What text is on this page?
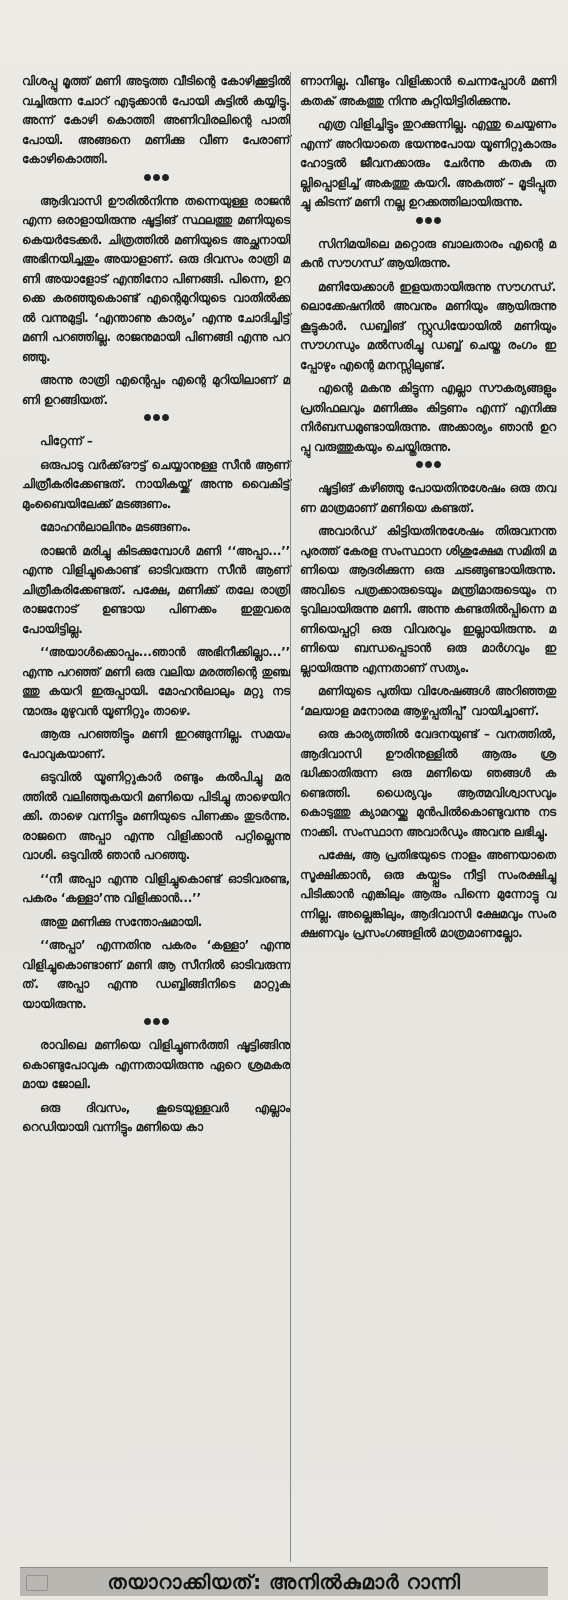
വിശപ്പു മൂത്ത് മണി അടുത്ത വീടിന്റെ കോഴിക്കൂട്ടിൽ വച്ചിരുന്ന ചോറ് എടുക്കാൻ പോയി കുട്ടിൽ കയ്യിട്ടു. അന്ന് കോഴി കൊത്തി അണിവിരലിന്റെ പാതി പോയി. അങ്ങനെ മണിക്കു വീണ പേരാണ് കോഴികൊത്തി.

ആദിവാസി ഊരിൽനിന്നു തന്നെയുള്ള രാജൻ എന്ന ഒരാളായിരുന്നു ഷൂട്ടിങ് സ്ഥലത്തു മണിയുടെ കെയർടേക്കർ. ചിത്രത്തിൽ മണിയുടെ അച്ഛനായി അഭിനയിച്ചതും അയാളാണ്. ഒരു ദിവസം രാത്രി മണി അയാളോട് എന്തിനോ പിണങ്ങി. പിന്നെ, ഉറക്കെ കരഞ്ഞുകൊണ്ട് എന്റെമുറിയുടെ വാതിൽക്കൽ വന്നുമുട്ടി. ‘എന്താണു കാര്യം’ എന്നു ചോദിച്ചിട്ട് മണി പറഞ്ഞില്ല. രാജനുമായി പിണങ്ങി എന്നു പറഞ്ഞു.

അന്നു രാത്രി എന്റെപ്പം എന്റെ മുറിയിലാണ് മണി ഉറങ്ങിയത്.

പിറ്റേന്ന് –

ഒരുപാടു വർക്ക്ഔട്ട് ചെയ്യാനുള്ള സീൻ ആണ് ചിത്രീകരിക്കേണ്ടത്. നായികയ്ക്ക് അന്നു വൈകിട്ട് മുംബൈയിലേക്ക് മടങ്ങണം.

മോഹൻലാലിനും മടങ്ങണം.

രാജൻ മരിച്ചു കിടക്കുമ്പോൾ മണി ‘‘അപ്പാ...’’ എന്നു വിളിച്ചുകൊണ്ട് ഓടിവരുന്ന സീൻ ആണ് ചിത്രീകരിക്കേണ്ടത്. പക്ഷേ, മണിക്ക് തലേ രാത്രി രാജനോട് ഉണ്ടായ പിണക്കം ഇതുവരെ പോയിട്ടില്ല.

‘‘അയാൾക്കൊപ്പം...ഞാൻ അഭിനീക്കില്ലാ...’’ എന്നു പറഞ്ഞ് മണി ഒരു വലിയ മരത്തിന്റെ തുഞ്ചത്തു കയറി ഇരുപ്പായി. മോഹൻലാലും മറ്റു നടന്മാരും മുഴുവൻ യൂണിറ്റും താഴെ.

ആരു പറഞ്ഞിട്ടും മണി ഇറങ്ങുന്നില്ല. സമയം പോവുകയാണ്.

ഒടുവിൽ യൂണിറ്റുകാർ രണ്ടും കൽപിച്ചു മരത്തിൽ വലിഞ്ഞുകയറി മണിയെ പിടിച്ചു താഴെയിറക്കി. താഴെ വന്നിട്ടും മണിയുടെ പിണക്കം തുടർന്നു. രാജനെ അപ്പാ എന്നു വിളിക്കാൻ പറ്റില്ലെന്നു വാശി. ഒടുവിൽ ഞാൻ പറഞ്ഞു.

‘‘നീ അപ്പാ എന്നു വിളിച്ചുകൊണ്ട് ഓടിവരണ്ട, പകരം ‘കള്ളാ’ന്നു വിളിക്കാൻ...’’

അതു മണിക്കു സന്തോഷമായി.

‘‘അപ്പാ’ എന്നതിനു പകരം ‘കള്ളാ’ എന്നു വിളിച്ചുകൊണ്ടാണ് മണി ആ സീനിൽ ഓടിവരുന്നത്. അപ്പാ എന്നു ഡബ്ബിങ്ങിനിടെ മാറ്റുകയായിരുന്നു.

രാവിലെ മണിയെ വിളിച്ചുണർത്തി ഷൂട്ടിങ്ങിനു കൊണ്ടുപോവുക എന്നതായിരുന്നു ഏറെ ശ്രമകരമായ ജോലി.

ഒരു ദിവസം, കൂടെയുള്ളവർ എല്ലാം റെഡിയായി വന്നിട്ടും മണിയെ കാ

ണാനില്ല. വീണ്ടും വിളിക്കാൻ ചെന്നപ്പോൾ മണി കതക് അകത്തു നിന്നു കുറ്റിയിട്ടിരിക്കുന്നു.

എത്ര വിളിച്ചിട്ടും തുറക്കുന്നില്ല. എന്തു ചെയ്യണം എന്ന് അറിയാതെ ഭയന്നുപോയ യൂണിറ്റുകാരും ഹോട്ടൽ ജീവനക്കാരും ചേർന്നു കതകു തല്ലിപ്പൊളിച്ച് അകത്തു കയറി. അകത്ത് – മൂടിപ്പുതച്ചു കിടന്ന് മണി നല്ല ഉറക്കത്തിലായിരുന്നു.

സിനിമയിലെ മറ്റൊരു ബാലതാരം എന്റെ മകൻ സൗഗന്ധ് ആയിരുന്നു.

മണിയേക്കാൾ ഇളയതായിരുന്നു സൗഗന്ധ്. ലൊക്കേഷനിൽ അവനും മണിയും ആയിരുന്നു കൂട്ടുകാർ. ഡബ്ബിങ് സ്റ്റുഡിയോയിൽ മണിയും സൗഗന്ധും മൽസരിച്ചു ഡബ്ബ് ചെയ്ത രംഗം ഇപ്പോഴും എന്റെ മനസ്സിലുണ്ട്.

എന്റെ മകനു കിട്ടുന്ന എല്ലാ സൗകര്യങ്ങളും പ്രതിഫലവും മണിക്കും കിട്ടണം എന്ന് എനിക്കു നിർബന്ധമുണ്ടായിരുന്നു. അക്കാര്യം ഞാൻ ഉറപ്പു വരുത്തുകയും ചെയ്തിരുന്നു.

ഷൂട്ടിങ് കഴിഞ്ഞു പോയതിനുശേഷം ഒരു തവണ മാത്രമാണ് മണിയെ കണ്ടത്.

അവാർഡ് കിട്ടിയതിനുശേഷം തിരുവനന്തപുരത്ത് കേരള സംസ്ഥാന ശിശുക്ഷേമ സമിതി മണിയെ ആദരിക്കുന്ന ഒരു ചടങ്ങുണ്ടായിരുന്നു. അവിടെ പത്രക്കാരുടെയും മന്ത്രിമാരുടെയും നടുവിലായിരുന്നു മണി. അന്നു കണ്ടതിൽപ്പിന്നെ മണിയെപ്പറ്റി ഒരു വിവരവും ഇല്ലായിരുന്നു. മണിയെ ബന്ധപ്പെടാൻ ഒരു മാർഗവും ഇല്ലായിരുന്നു എന്നതാണ് സത്യം.

മണിയുടെ പുതിയ വിശേഷങ്ങൾ അറിഞ്ഞതു ‘മലയാള മനോരമ ആഴ്ചപ്പതിപ്പ്’ വായിച്ചാണ്.

ഒരു കാര്യത്തിൽ വേദനയുണ്ട് – വനത്തിൽ, ആദിവാസി ഊരിനുള്ളിൽ ആരും ശ്രദ്ധിക്കാതിരുന്ന ഒരു മണിയെ ഞങ്ങൾ കണ്ടെത്തി. ധൈര്യവും ആത്മവിശ്വാസവും കൊടുത്തു ക്യാമറയ്ക്കു മുൻപിൽകൊണ്ടുവന്നു നടനാക്കി. സംസ്ഥാന അവാർഡും അവനു ലഭിച്ചു.

പക്ഷേ, ആ പ്രതിഭയുടെ നാളം അണയാതെ സൂക്ഷിക്കാൻ, ഒരു കയ്പ്പടം നീട്ടി സംരക്ഷിച്ചു പിടിക്കാൻ എങ്കിലും ആരും പിന്നെ മുന്നോട്ടു വന്നില്ല. അല്ലെങ്കിലും, ആദിവാസി ക്ഷേമവും സംരക്ഷണവും പ്രസംഗങ്ങളിൽ മാത്രമാണല്ലോ.

തയാറാക്കിയത്: അനിൽകുമാർ റാന്നി
